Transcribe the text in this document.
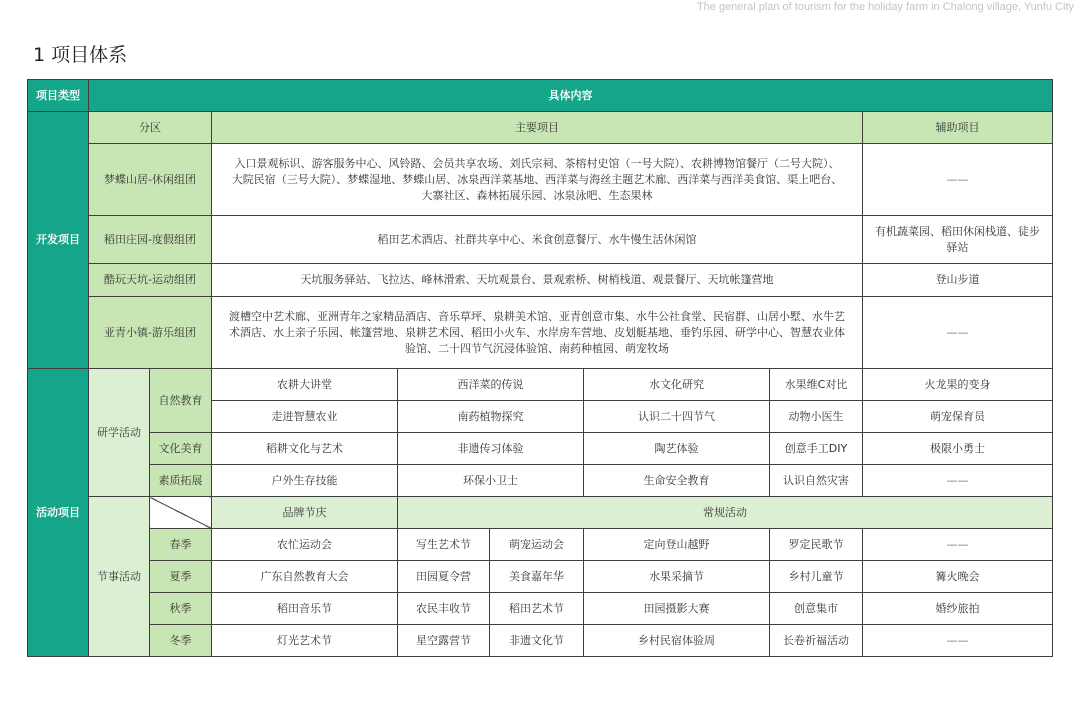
The general plan of tourism for the holiday farm in Chalong village, Yunfu City
1 项目体系
项目类型	具体内容							
开发项目	分区		主要项目					辅助项目
	梦蝶山居-休闲组团		入口景观标识、游客服务中心、风铃路、会员共享农场、刘氏宗祠、茶榕村史馆（一号大院）、农耕博物馆餐厅（二号大院）、
大院民宿（三号大院）、梦蝶湿地、梦蝶山居、冰泉西洋菜基地、西洋菜与海丝主题艺术廊、西洋菜与西洋美食馆、渠上吧台、
大寨社区、森林拓展乐园、冰泉泳吧、生态果林					——
	稻田庄园-度假组团		稻田艺术酒店、社群共享中心、米食创意餐厅、水牛慢生活休闲馆					有机蔬菜园、稻田休闲栈道、徒步
驿站

	酷玩天坑-运动组团		天坑服务驿站、飞拉达、峰林滑索、天坑观景台、景观索桥、树梢栈道、观景餐厅、天坑帐篷营地					登山步道
	亚青小镇-游乐组团		渡槽空中艺术廊、亚洲青年之家精品酒店、音乐草坪、泉耕美术馆、亚青创意市集、水牛公社食堂、民宿群、山居小墅、水牛艺
术酒店、水上亲子乐园、帐篷营地、泉耕艺术园、稻田小火车、水岸房车营地、皮划艇基地、垂钓乐园、研学中心、智慧农业体
验馆、二十四节气沉浸体验馆、南药种植园、萌宠牧场					——
活动项目	研学活动	自然教育	农耕大讲堂	西洋菜的传说		水文化研究	水果维C对比	火龙果的变身
			走进智慧农业	南药植物探究		认识二十四节气	动物小医生	萌宠保育员
		文化美育	稻耕文化与艺术	非遗传习体验		陶艺体验	创意手工DIY	极限小勇士
		素质拓展	户外生存技能	环保小卫士		生命安全教育	认识自然灾害	——
	节事活动		品牌节庆	常规活动				
		春季	农忙运动会	写生艺术节	萌宠运动会	定向登山越野	罗定民歌节	——
		夏季	广东自然教育大会	田园夏令营	美食嘉年华	水果采摘节	乡村儿童节	篝火晚会
		秋季	稻田音乐节	农民丰收节	稻田艺术节	田园摄影大赛	创意集市	婚纱旅拍
		冬季	灯光艺术节	星空露营节	非遗文化节	乡村民宿体验周	长卷祈福活动	——
